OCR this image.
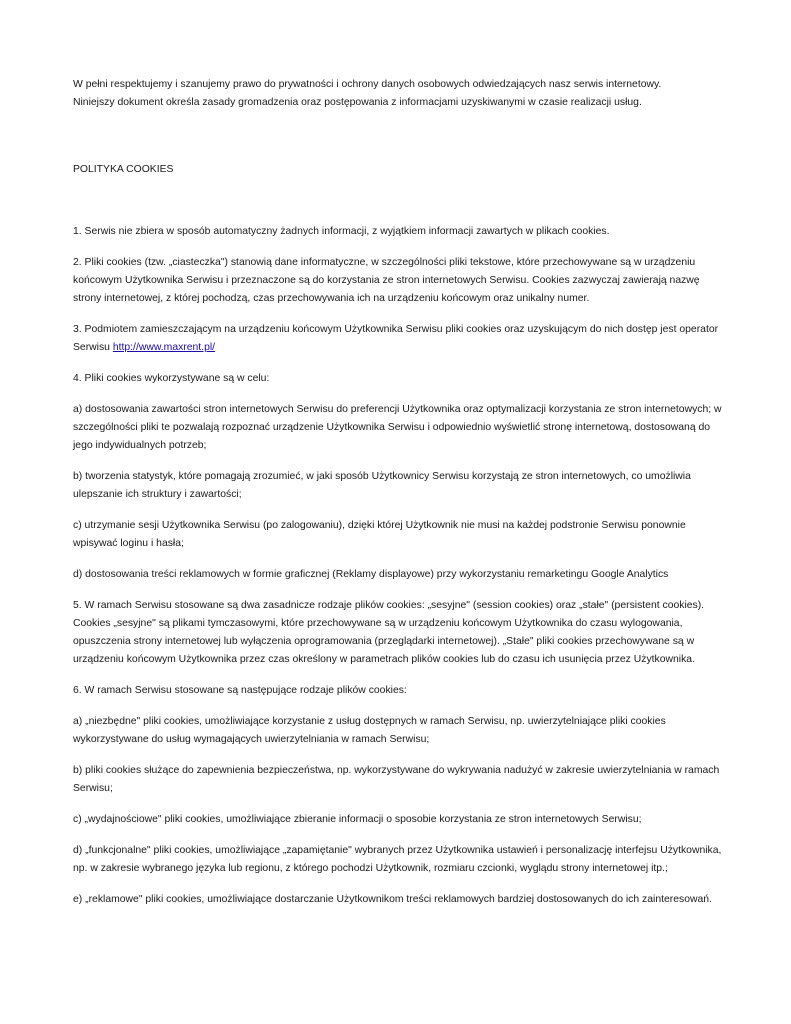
W pełni respektujemy i szanujemy prawo do prywatności i ochrony danych osobowych odwiedzających nasz serwis internetowy.
Niniejszy dokument określa zasady gromadzenia oraz postępowania z informacjami uzyskiwanymi w czasie realizacji usług.
POLITYKA COOKIES

1. Serwis nie zbiera w sposób automatyczny żadnych informacji, z wyjątkiem informacji zawartych w plikach cookies.

2. Pliki cookies (tzw. „ciasteczka") stanowią dane informatyczne, w szczególności pliki tekstowe, które przechowywane są w urządzeniu końcowym Użytkownika Serwisu i przeznaczone są do korzystania ze stron internetowych Serwisu. Cookies zazwyczaj zawierają nazwę strony internetowej, z której pochodzą, czas przechowywania ich na urządzeniu końcowym oraz unikalny numer.

3. Podmiotem zamieszczającym na urządzeniu końcowym Użytkownika Serwisu pliki cookies oraz uzyskującym do nich dostęp jest operator Serwisu http://www.maxrent.pl/

4. Pliki cookies wykorzystywane są w celu:

a) dostosowania zawartości stron internetowych Serwisu do preferencji Użytkownika oraz optymalizacji korzystania ze stron internetowych; w szczególności pliki te pozwalają rozpoznać urządzenie Użytkownika Serwisu i odpowiednio wyświetlić stronę internetową, dostosowaną do jego indywidualnych potrzeb;

b) tworzenia statystyk, które pomagają zrozumieć, w jaki sposób Użytkownicy Serwisu korzystają ze stron internetowych, co umożliwia ulepszanie ich struktury i zawartości;

c) utrzymanie sesji Użytkownika Serwisu (po zalogowaniu), dzięki której Użytkownik nie musi na każdej podstronie Serwisu ponownie wpisywać loginu i hasła;

d) dostosowania treści reklamowych w formie graficznej (Reklamy displayowe) przy wykorzystaniu remarketingu Google Analytics

5. W ramach Serwisu stosowane są dwa zasadnicze rodzaje plików cookies: „sesyjne" (session cookies) oraz „stałe" (persistent cookies). Cookies „sesyjne" są plikami tymczasowymi, które przechowywane są w urządzeniu końcowym Użytkownika do czasu wylogowania, opuszczenia strony internetowej lub wyłączenia oprogramowania (przeglądarki internetowej). „Stałe" pliki cookies przechowywane są w urządzeniu końcowym Użytkownika przez czas określony w parametrach plików cookies lub do czasu ich usunięcia przez Użytkownika.

6. W ramach Serwisu stosowane są następujące rodzaje plików cookies:

a) „niezbędne" pliki cookies, umożliwiające korzystanie z usług dostępnych w ramach Serwisu, np. uwierzytelniające pliki cookies wykorzystywane do usług wymagających uwierzytelniania w ramach Serwisu;

b) pliki cookies służące do zapewnienia bezpieczeństwa, np. wykorzystywane do wykrywania nadużyć w zakresie uwierzytelniania w ramach Serwisu;

c) „wydajnościowe" pliki cookies, umożliwiające zbieranie informacji o sposobie korzystania ze stron internetowych Serwisu;

d) „funkcjonalne" pliki cookies, umożliwiające „zapamiętanie" wybranych przez Użytkownika ustawień i personalizację interfejsu Użytkownika, np. w zakresie wybranego języka lub regionu, z którego pochodzi Użytkownik, rozmiaru czcionki, wyglądu strony internetowej itp.;

e) „reklamowe" pliki cookies, umożliwiające dostarczanie Użytkownikom treści reklamowych bardziej dostosowanych do ich zainteresowań.
